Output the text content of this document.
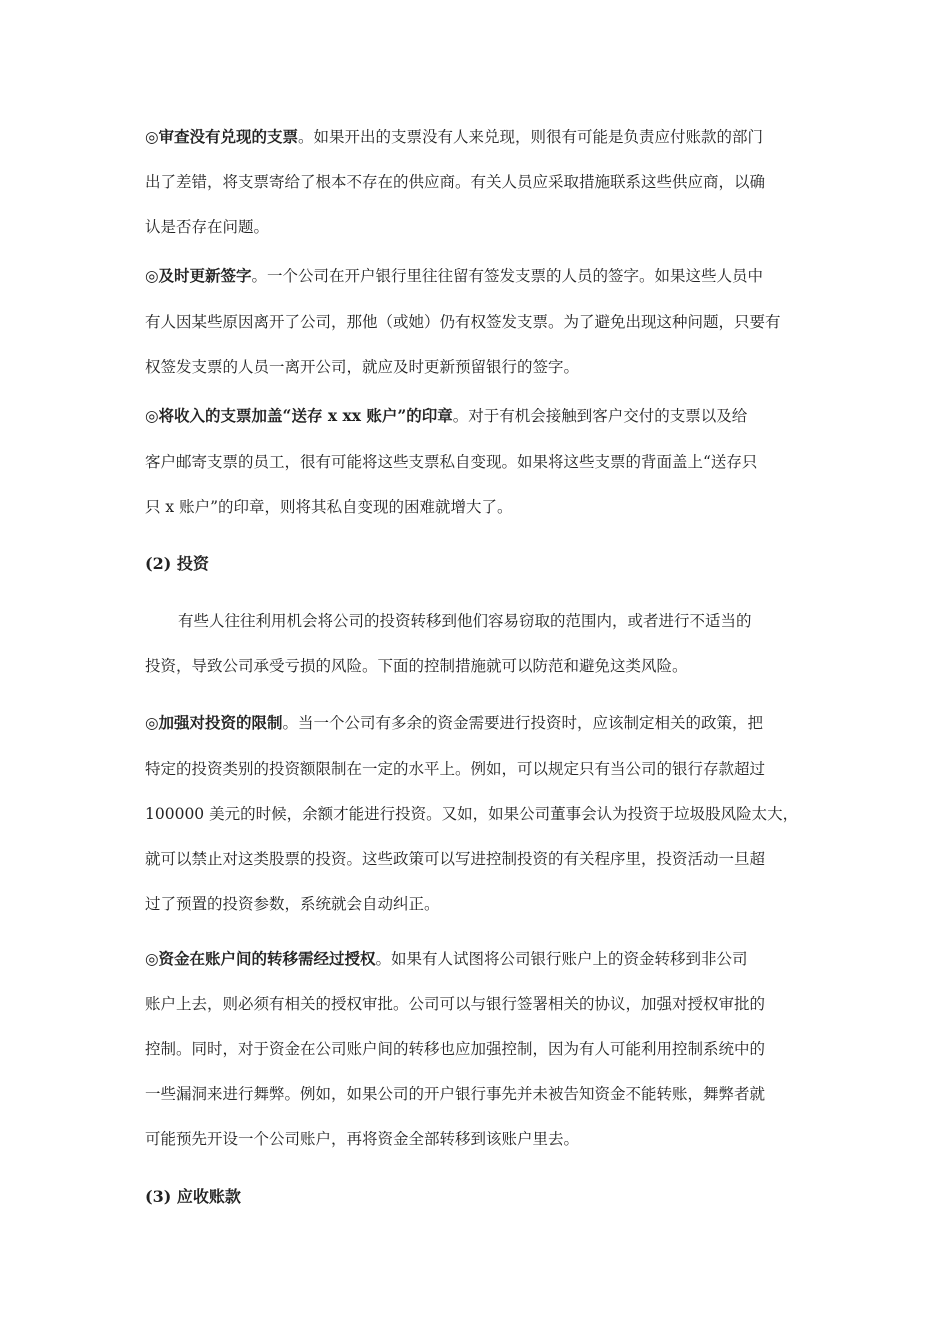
◎审查没有兑现的支票。如果开出的支票没有人来兑现，则很有可能是负责应付账款的部门
出了差错，将支票寄给了根本不存在的供应商。有关人员应采取措施联系这些供应商，以确
认是否存在问题。
◎及时更新签字。一个公司在开户银行里往往留有签发支票的人员的签字。如果这些人员中
有人因某些原因离开了公司，那他（或她）仍有权签发支票。为了避免出现这种问题，只要有
权签发支票的人员一离开公司，就应及时更新预留银行的签字。
◎将收入的支票加盖“送存 x xx 账户”的印章。对于有机会接触到客户交付的支票以及给
客户邮寄支票的员工，很有可能将这些支票私自变现。如果将这些支票的背面盖上“送存只
只 x 账户”的印章，则将其私自变现的困难就增大了。
(2) 投资
有些人往往利用机会将公司的投资转移到他们容易窃取的范围内，或者进行不适当的
投资，导致公司承受亏损的风险。下面的控制措施就可以防范和避免这类风险。
◎加强对投资的限制。当一个公司有多余的资金需要进行投资时，应该制定相关的政策，把
特定的投资类别的投资额限制在一定的水平上。例如，可以规定只有当公司的银行存款超过
100000 美元的时候，余额才能进行投资。又如，如果公司董事会认为投资于垃圾股风险太大，
就可以禁止对这类股票的投资。这些政策可以写进控制投资的有关程序里，投资活动一旦超
过了预置的投资参数，系统就会自动纠正。
◎资金在账户间的转移需经过授权。如果有人试图将公司银行账户上的资金转移到非公司
账户上去，则必须有相关的授权审批。公司可以与银行签署相关的协议，加强对授权审批的
控制。同时，对于资金在公司账户间的转移也应加强控制，因为有人可能利用控制系统中的
一些漏洞来进行舞弊。例如，如果公司的开户银行事先并未被告知资金不能转账，舞弊者就
可能预先开设一个公司账户，再将资金全部转移到该账户里去。
(3) 应收账款
